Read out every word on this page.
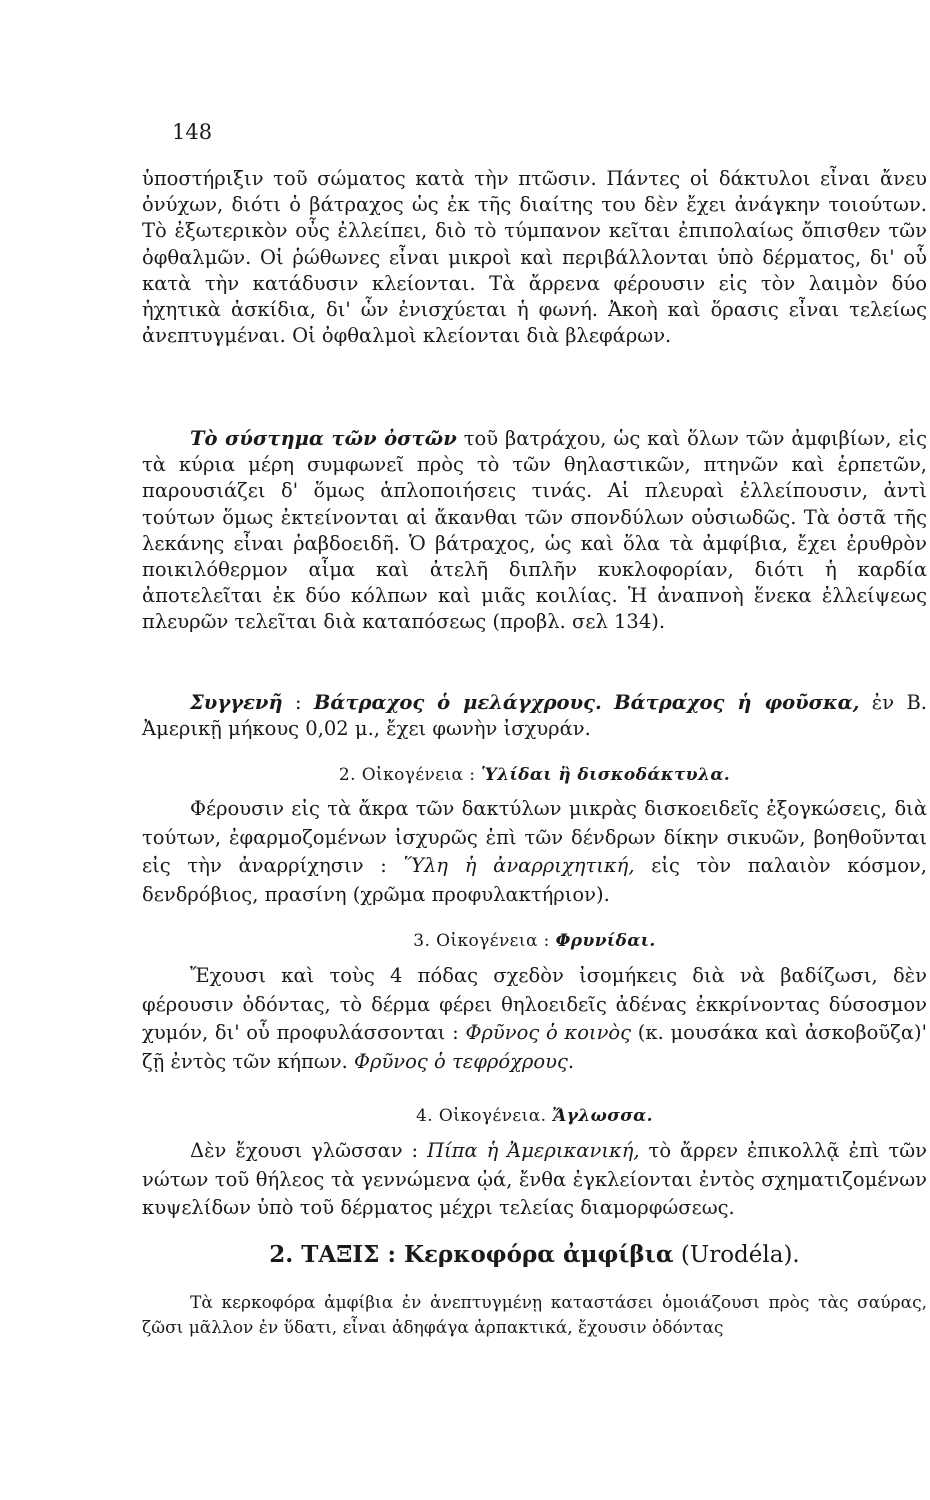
148
ὑποστήριξιν τοῦ σώματος κατὰ τὴν πτῶσιν. Πάντες οἱ δάκτυλοι εἶναι ἄνευ ὀνύχων, διότι ὁ βάτραχος ὡς ἐκ τῆς διαίτης του δὲν ἔχει ἀνάγκην τοιούτων. Τὸ ἐξωτερικὸν οὖς ἐλλείπει, διὸ τὸ τύμπανον κεῖται ἐπιπολαίως ὄπισθεν τῶν ὀφθαλμῶν. Οἱ ῥώθωνες εἶναι μικροὶ καὶ περιβάλλονται ὑπὸ δέρματος, δι' οὗ κατὰ τὴν κατάδυσιν κλείονται. Τὰ ἄρρενα φέρουσιν εἰς τὸν λαιμὸν δύο ἠχητικὰ ἀσκίδια, δι' ὧν ἐνισχύεται ἡ φωνή. Ἀκοὴ καὶ ὅρασις εἶναι τελείως ἀνεπτυγμέναι. Οἱ ὀφθαλμοὶ κλείονται διὰ βλεφάρων.
Τὸ σύστημα τῶν ὀστῶν τοῦ βατράχου, ὡς καὶ ὅλων τῶν ἀμφιβίων, εἰς τὰ κύρια μέρη συμφωνεῖ πρὸς τὸ τῶν θηλαστικῶν, πτηνῶν καὶ ἑρπετῶν, παρουσιάζει δ' ὅμως ἁπλοποιήσεις τινάς. Αἱ πλευραὶ ἐλλείπουσιν, ἀντὶ τούτων ὅμως ἐκτείνονται αἱ ἄκανθαι τῶν σπονδύλων οὐσιωδῶς. Τὰ ὀστᾶ τῆς λεκάνης εἶναι ῥαβδοειδῆ. Ὁ βάτραχος, ὡς καὶ ὅλα τὰ ἀμφίβια, ἔχει ἐρυθρὸν ποικιλόθερμον αἷμα καὶ ἀτελῆ διπλῆν κυκλοφορίαν, διότι ἡ καρδία ἀποτελεῖται ἐκ δύο κόλπων καὶ μιᾶς κοιλίας. Ἡ ἀναπνοὴ ἕνεκα ἐλλείψεως πλευρῶν τελεῖται διὰ καταπόσεως (προβλ. σελ 134).
Συγγενῆ : Βάτραχος ὁ μελάγχρους. Βάτραχος ἡ φοῦσκα, ἐν Β. Ἀμερικῇ μήκους 0,02 μ., ἔχει φωνὴν ἰσχυράν.
2. Οἰκογένεια : Ὑλίδαι ἢ δισκοδάκτυλα.
Φέρουσιν εἰς τὰ ἄκρα τῶν δακτύλων μικρὰς δισκοειδεῖς ἐξογκώσεις, διὰ τούτων, ἐφαρμοζομένων ἰσχυρῶς ἐπὶ τῶν δένδρων δίκην σικυῶν, βοηθοῦνται εἰς τὴν ἀναρρίχησιν : Ὕλη ἡ ἀναρριχητική, εἰς τὸν παλαιὸν κόσμον, δενδρόβιος, πρασίνη (χρῶμα προφυλακτήριον).
3. Οἰκογένεια : Φρυνίδαι.
Ἔχουσι καὶ τοὺς 4 πόδας σχεδὸν ἰσομήκεις διὰ νὰ βαδίζωσι, δὲν φέρουσιν ὀδόντας, τὸ δέρμα φέρει θηλοειδεῖς ἀδένας ἐκκρίνοντας δύσοσμον χυμόν, δι' οὗ προφυλάσσονται : Φρῦνος ὁ κοινὸς (κ. μουσάκα καὶ ἀσκοβοῦζα)' ζῇ ἐντὸς τῶν κήπων. Φρῦνος ὁ τεφρόχρους.
4. Οἰκογένεια. Ἄγλωσσα.
Δὲν ἔχουσι γλῶσσαν : Πίπα ἡ Ἀμερικανική, τὸ ἄρρεν ἐπικολλᾷ ἐπὶ τῶν νώτων τοῦ θήλεος τὰ γεννώμενα ᾠά, ἔνθα ἐγκλείονται ἐντὸς σχηματιζομένων κυψελίδων ὑπὸ τοῦ δέρματος μέχρι τελείας διαμορφώσεως.
2. ΤΑΞΙΣ : Κερκοφόρα ἀμφίβια (Urodéla).
Τὰ κερκοφόρα ἀμφίβια ἐν ἀνεπτυγμένῃ καταστάσει ὁμοιάζουσι πρὸς τὰς σαύρας, ζῶσι μᾶλλον ἐν ὕδατι, εἶναι ἀδηφάγα ἁρπακτικά, ἔχουσιν ὀδόντας
